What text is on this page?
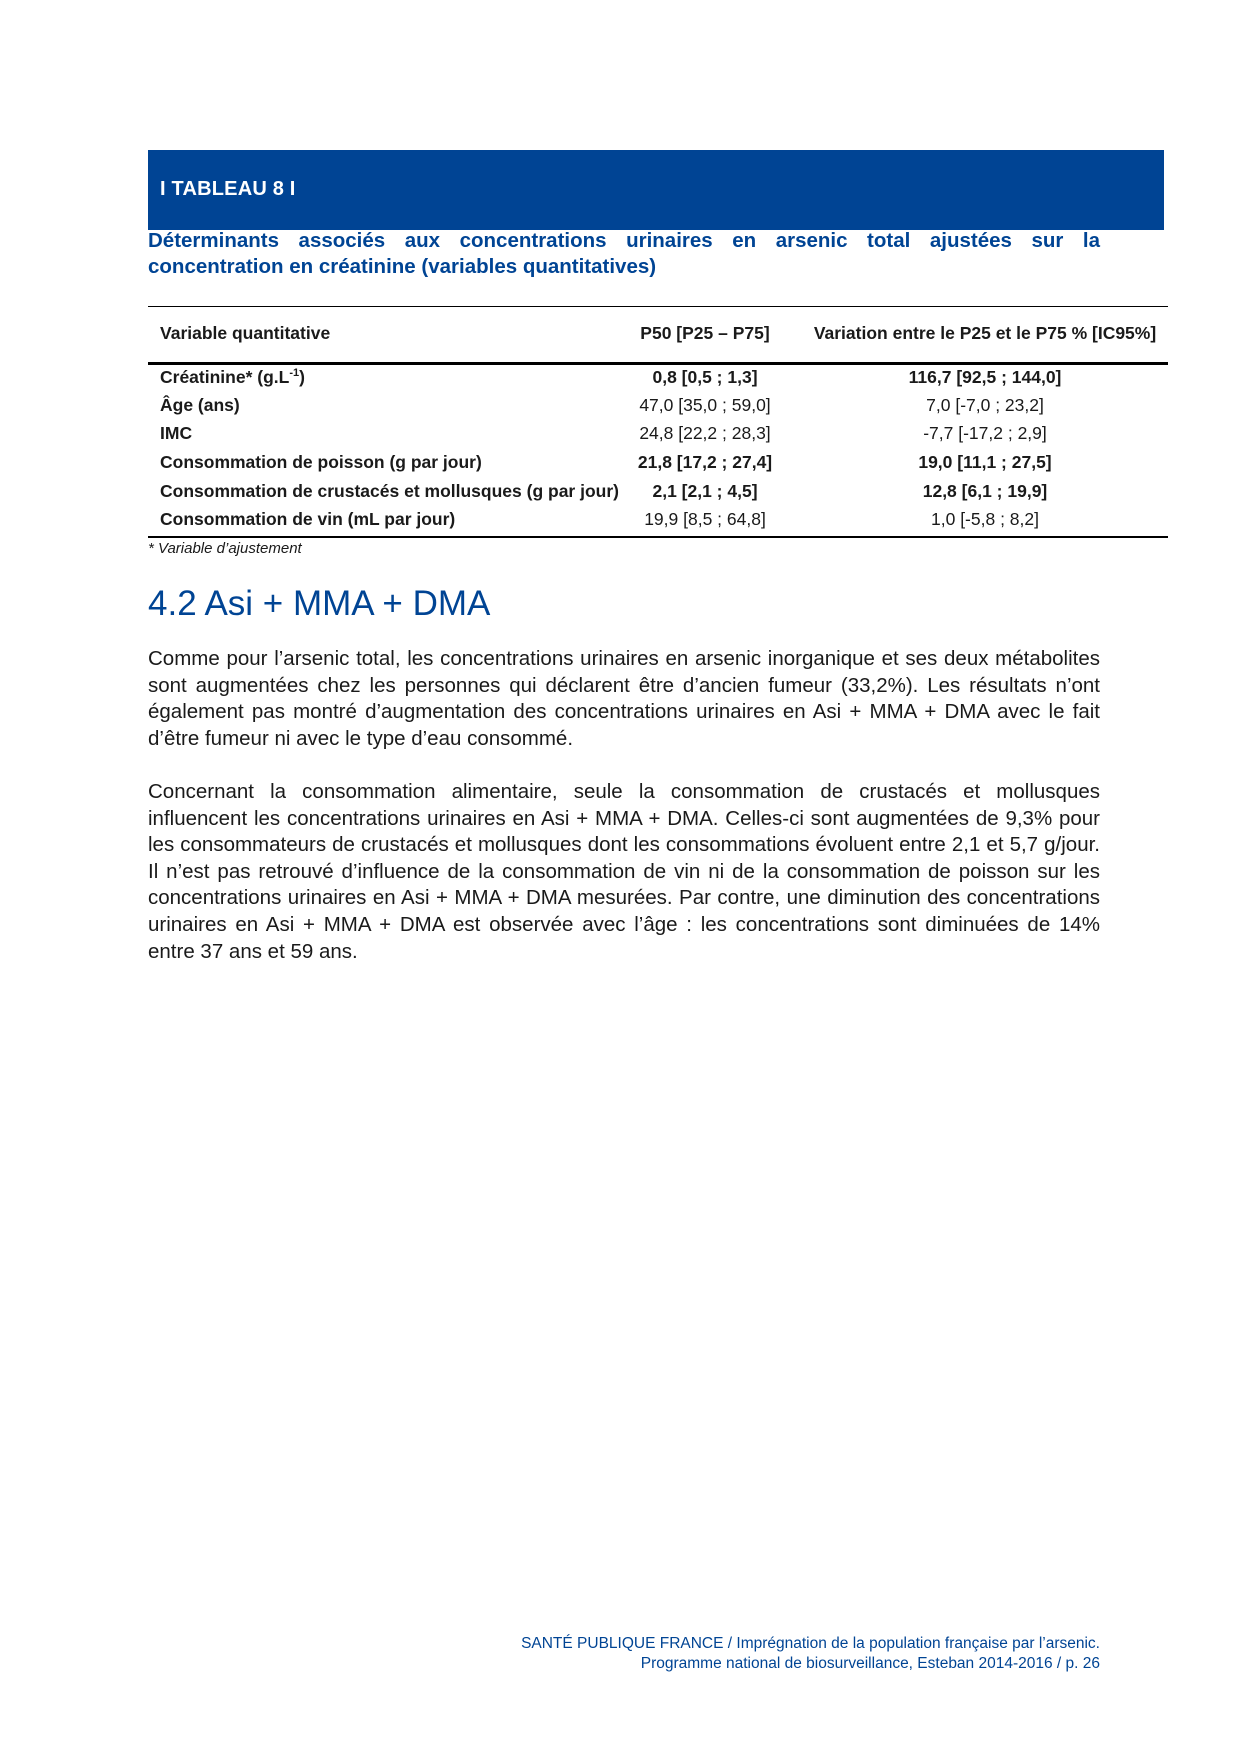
I TABLEAU 8 I
Déterminants associés aux concentrations urinaires en arsenic total ajustées sur la concentration en créatinine (variables quantitatives)
Variable quantitative	P50 [P25 – P75]	Variation entre le P25 et le P75 % [IC95%]
Créatinine* $(g.L^{-1})$	0,8 [0,5 ; 1,3]	116,7 [92,5 ; 144,0]
Âge (ans)	47,0 [35,0 ; 59,0]	7,0 [-7,0 ; 23,2]
IMC	24,8 [22,2 ; 28,3]	-7,7 [-17,2 ; 2,9]
Consommation de poisson (g par jour)	21,8 [17,2 ; 27,4]	19,0 [11,1 ; 27,5]
Consommation de crustacés et mollusques (g par jour)	2,1 [2,1 ; 4,5]	12,8 [6,1 ; 19,9]
Consommation de vin (mL par jour)	19,9 [8,5 ; 64,8]	1,0 [-5,8 ; 8,2]
* Variable d’ajustement
4.2 Asi + MMA + DMA

Comme pour l’arsenic total, les concentrations urinaires en arsenic inorganique et ses deux métabolites sont augmentées chez les personnes qui déclarent être d’ancien fumeur (33,2%). Les résultats n’ont également pas montré d’augmentation des concentrations urinaires en Asi + MMA + DMA avec le fait d’être fumeur ni avec le type d’eau consommé.

Concernant la consommation alimentaire, seule la consommation de crustacés et mollusques influencent les concentrations urinaires en Asi + MMA + DMA. Celles-ci sont augmentées de 9,3% pour les consommateurs de crustacés et mollusques dont les consommations évoluent entre 2,1 et 5,7 g/jour. Il n’est pas retrouvé d’influence de la consommation de vin ni de la consommation de poisson sur les concentrations urinaires en Asi + MMA + DMA mesurées. Par contre, une diminution des concentrations urinaires en Asi + MMA + DMA est observée avec l’âge : les concentrations sont diminuées de 14% entre 37 ans et 59 ans.

SANTÉ PUBLIQUE FRANCE / Imprégnation de la population française par l’arsenic.
Programme national de biosurveillance, Esteban 2014-2016 / p. 26
